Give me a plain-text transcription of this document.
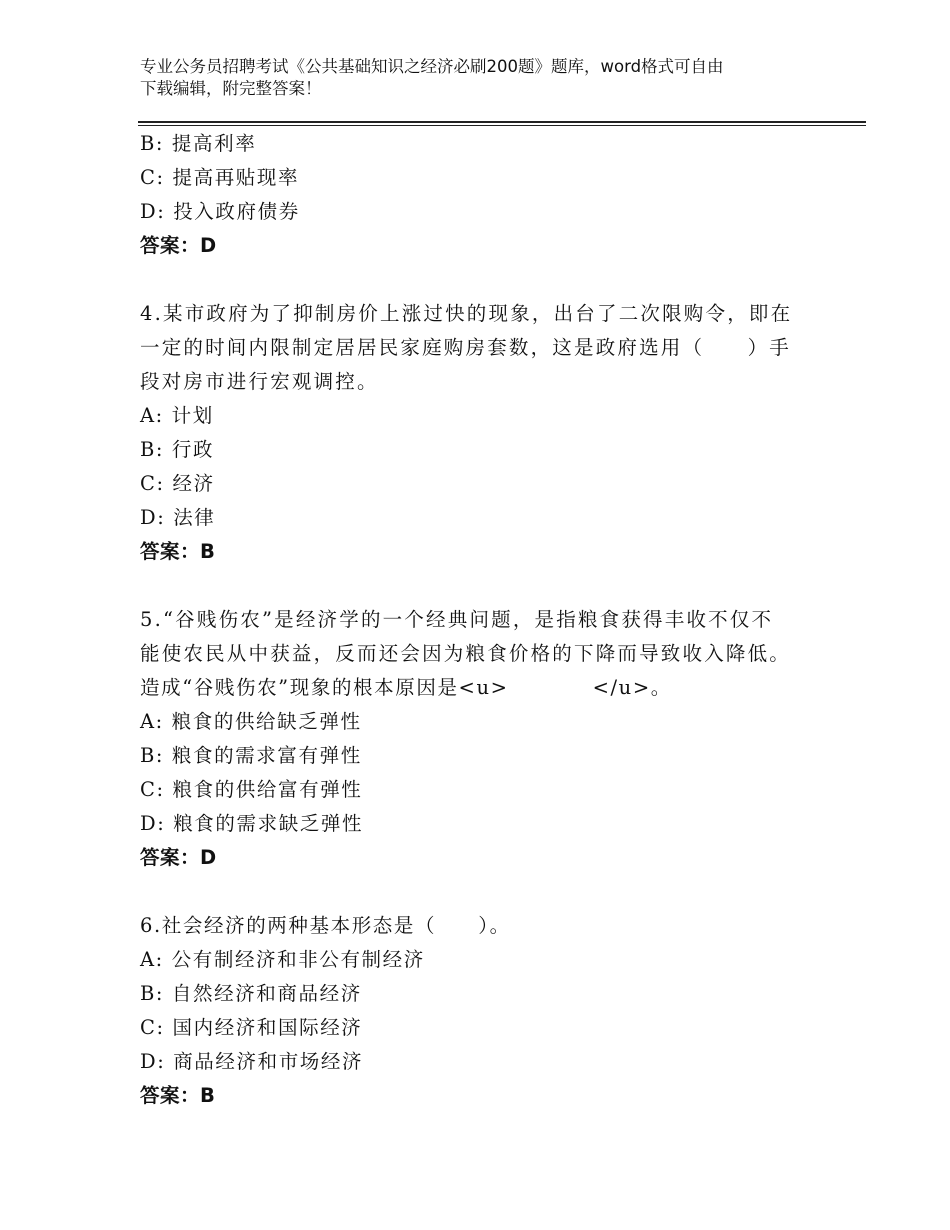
专业公务员招聘考试《公共基础知识之经济必刷200题》题库，word格式可自由
下载编辑，附完整答案！
B: 提高利率
C: 提高再贴现率
D: 投入政府债券
答案：D
4.某市政府为了抑制房价上涨过快的现象，出台了二次限购令，即在
一定的时间内限制定居居民家庭购房套数，这是政府选用（　　）手
段对房市进行宏观调控。
A: 计划
B: 行政
C: 经济
D: 法律
答案：B
5.“谷贱伤农”是经济学的一个经典问题，是指粮食获得丰收不仅不
能使农民从中获益，反而还会因为粮食价格的下降而导致收入降低。
造成“谷贱伤农”现象的根本原因是<u>	</u>。
A: 粮食的供给缺乏弹性
B: 粮食的需求富有弹性
C: 粮食的供给富有弹性
D: 粮食的需求缺乏弹性
答案：D
6.社会经济的两种基本形态是（　　）。
A: 公有制经济和非公有制经济
B: 自然经济和商品经济
C: 国内经济和国际经济
D: 商品经济和市场经济
答案：B
